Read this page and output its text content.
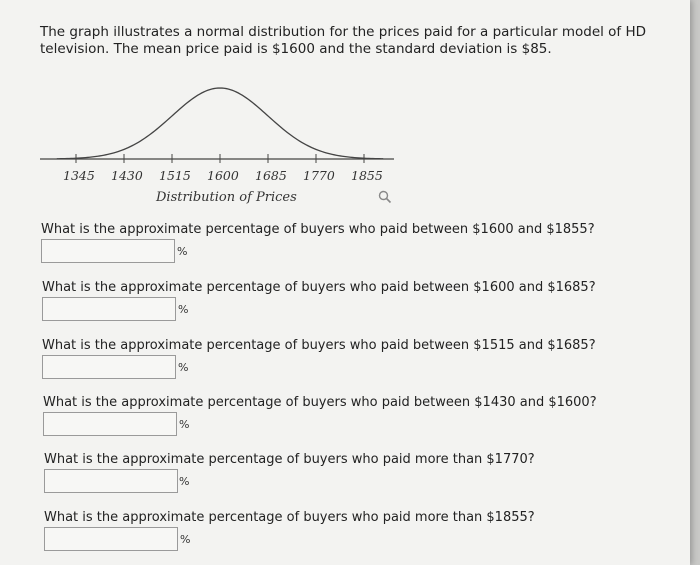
The graph illustrates a normal distribution for the prices paid for a particular model of HD television. The mean price paid is $1600 and the standard deviation is $85.
1345 1430 1515 1600 1685 1770 1855
Distribution of Prices
What is the approximate percentage of buyers who paid between $1600 and $1855?
%
What is the approximate percentage of buyers who paid between $1600 and $1685?
%
What is the approximate percentage of buyers who paid between $1515 and $1685?
%
What is the approximate percentage of buyers who paid between $1430 and $1600?
%
What is the approximate percentage of buyers who paid more than $1770?
%
What is the approximate percentage of buyers who paid more than $1855?
%
